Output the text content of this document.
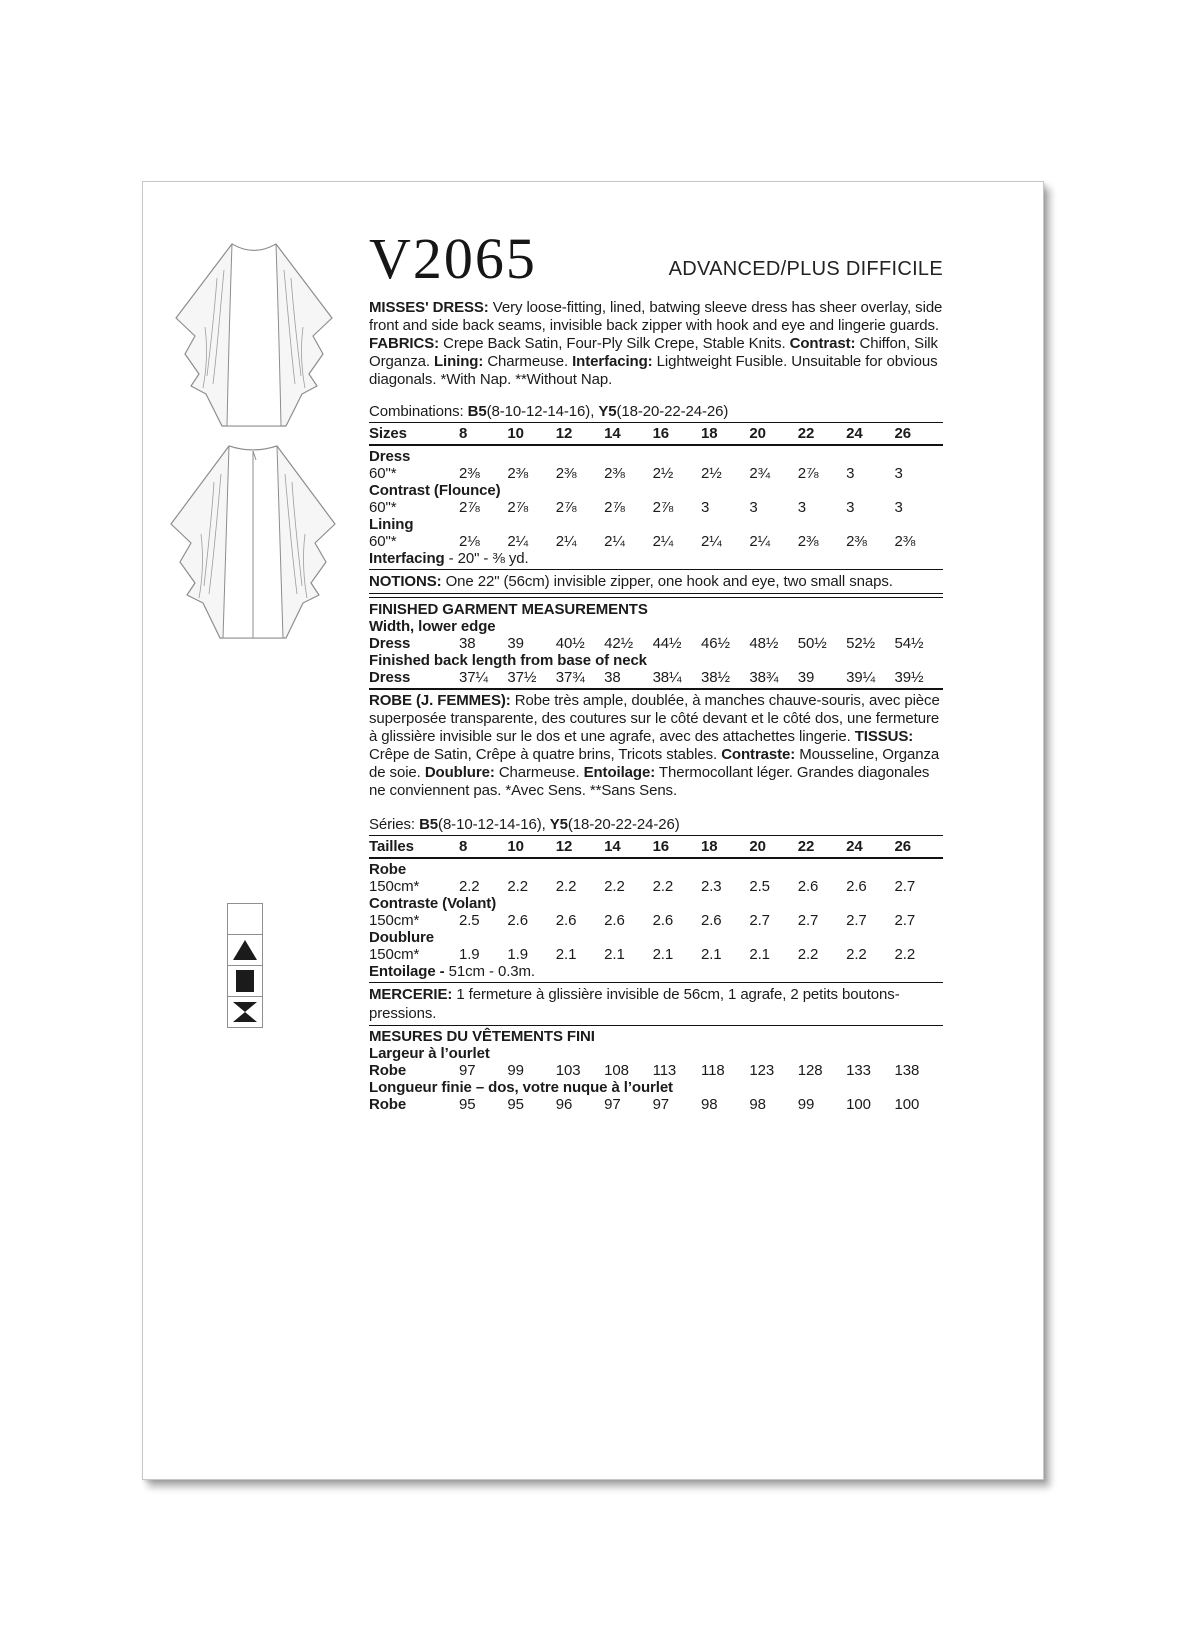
V2065	ADVANCED/PLUS DIFFICILE
MISSES' DRESS: Very loose-fitting, lined, batwing sleeve dress has sheer overlay, side front and side back seams, invisible back zipper with hook and eye and lingerie guards. FABRICS: Crepe Back Satin, Four-Ply Silk Crepe, Stable Knits. Contrast: Chiffon, Silk Organza. Lining: Charmeuse. Interfacing: Lightweight Fusible. Unsuitable for obvious diagonals. *With Nap. **Without Nap.
Combinations: B5(8-10-12-14-16), Y5(18-20-22-24-26)
Sizes	8	10	12	14	16	18	20	22	24	26
Dress
60"*	2⅜	2⅜	2⅜	2⅜	2½	2½	2¾	2⅞	3	3
Contrast (Flounce)
60"*	2⅞	2⅞	2⅞	2⅞	2⅞	3	3	3	3	3
Lining
60"*	2⅛	2¼	2¼	2¼	2¼	2¼	2¼	2⅜	2⅜	2⅜
Interfacing - 20" - ⅜ yd.
NOTIONS: One 22" (56cm) invisible zipper, one hook and eye, two small snaps.
FINISHED GARMENT MEASUREMENTS
Width, lower edge
Dress	38	39	40½	42½	44½	46½	48½	50½	52½	54½
Finished back length from base of neck
Dress	37¼	37½	37¾	38	38¼	38½	38¾	39	39¼	39½
ROBE (J. FEMMES): Robe très ample, doublée, à manches chauve-souris, avec pièce superposée transparente, des coutures sur le côté devant et le côté dos, une fermeture à glissière invisible sur le dos et une agrafe, avec des attachettes lingerie. TISSUS: Crêpe de Satin, Crêpe à quatre brins, Tricots stables. Contraste: Mousseline, Organza de soie. Doublure: Charmeuse. Entoilage: Thermocollant léger. Grandes diagonales ne conviennent pas. *Avec Sens. **Sans Sens.
Séries: B5(8-10-12-14-16), Y5(18-20-22-24-26)
Tailles	8	10	12	14	16	18	20	22	24	26
Robe
150cm*	2.2	2.2	2.2	2.2	2.2	2.3	2.5	2.6	2.6	2.7
Contraste (Volant)
150cm*	2.5	2.6	2.6	2.6	2.6	2.6	2.7	2.7	2.7	2.7
Doublure
150cm*	1.9	1.9	2.1	2.1	2.1	2.1	2.1	2.2	2.2	2.2
Entoilage - 51cm - 0.3m.
MERCERIE: 1 fermeture à glissière invisible de 56cm, 1 agrafe, 2 petits boutons-pressions.
MESURES DU VÊTEMENTS FINI
Largeur à l’ourlet
Robe	97	99	103	108	113	118	123	128	133	138
Longueur finie – dos, votre nuque à l’ourlet
Robe	95	95	96	97	97	98	98	99	100	100
